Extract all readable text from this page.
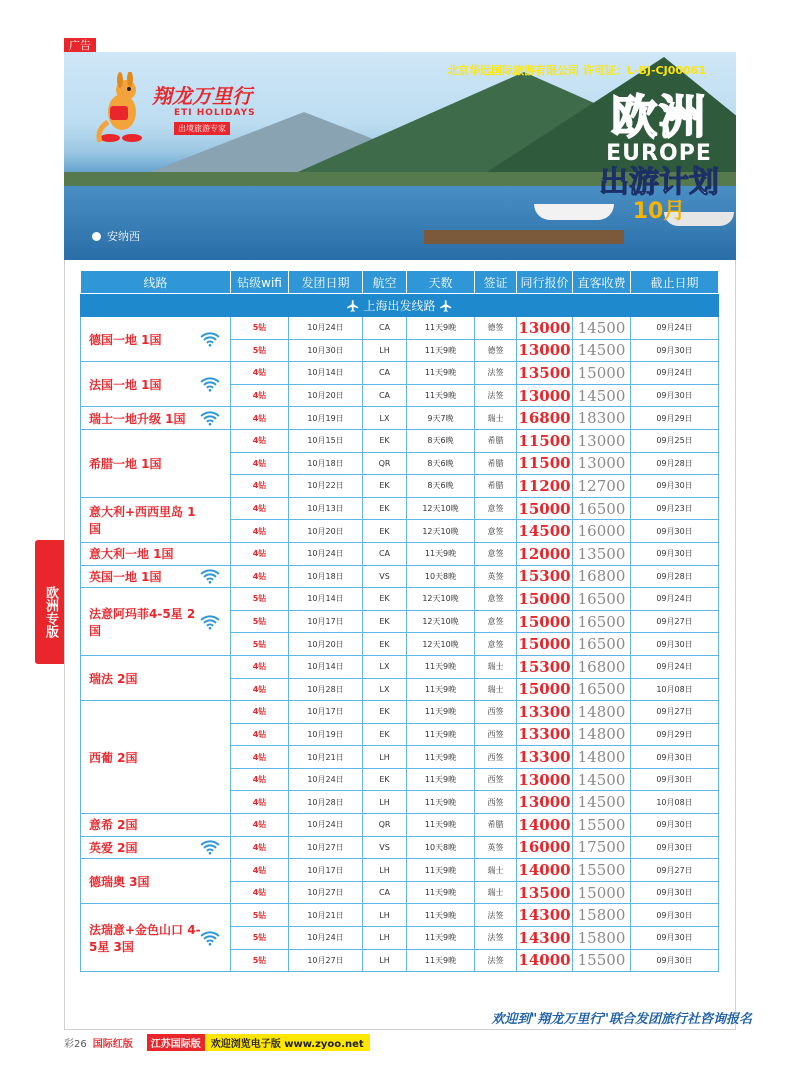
广告
北京华远国际旅游有限公司 许可证：L-BJ-CJ00061
翔龙万里行
ETI HOLIDAYS
出境旅游专家	欧洲
EUROPE
出游计划
10月
安纳西
欧洲专版
线路	钻级wifi	发团日期	航空	天数	签证	同行报价	直客收费	截止日期
上海出发线路								
德国一地 1国	5钻	10月24日	CA	11天9晚	德签	13000	14500	09月24日
	5钻	10月30日	LH	11天9晚	德签	13000	14500	09月30日
法国一地 1国	4钻	10月14日	CA	11天9晚	法签	13500	15000	09月24日
	4钻	10月20日	CA	11天9晚	法签	13000	14500	09月30日
瑞士一地升级 1国	4钻	10月19日	LX	9天7晚	瑞士	16800	18300	09月29日
希腊一地 1国	4钻	10月15日	EK	8天6晚	希腊	11500	13000	09月25日
	4钻	10月18日	QR	8天6晚	希腊	11500	13000	09月28日
	4钻	10月22日	EK	8天6晚	希腊	11200	12700	09月30日
意大利+西西里岛 1国	4钻	10月13日	EK	12天10晚	意签	15000	16500	09月23日
	4钻	10月20日	EK	12天10晚	意签	14500	16000	09月30日
意大利一地 1国	4钻	10月24日	CA	11天9晚	意签	12000	13500	09月30日
英国一地 1国	4钻	10月18日	VS	10天8晚	英签	15300	16800	09月28日
法意阿玛菲4-5星 2国	5钻	10月14日	EK	12天10晚	意签	15000	16500	09月24日
	5钻	10月17日	EK	12天10晚	意签	15000	16500	09月27日
	5钻	10月20日	EK	12天10晚	意签	15000	16500	09月30日
瑞法 2国	4钻	10月14日	LX	11天9晚	瑞士	15300	16800	09月24日
	4钻	10月28日	LX	11天9晚	瑞士	15000	16500	10月08日
西葡 2国	4钻	10月17日	EK	11天9晚	西签	13300	14800	09月27日
	4钻	10月19日	EK	11天9晚	西签	13300	14800	09月29日
	4钻	10月21日	LH	11天9晚	西签	13300	14800	09月30日
	4钻	10月24日	EK	11天9晚	西签	13000	14500	09月30日
	4钻	10月28日	LH	11天9晚	西签	13000	14500	10月08日
意希 2国	4钻	10月24日	QR	11天9晚	希腊	14000	15500	09月30日
英爱 2国	4钻	10月27日	VS	10天8晚	英签	16000	17500	09月30日
德瑞奥 3国	4钻	10月17日	LH	11天9晚	瑞士	14000	15500	09月27日
	4钻	10月27日	CA	11天9晚	瑞士	13500	15000	09月30日
法瑞意+金色山口 4-5星 3国	5钻	10月21日	LH	11天9晚	法签	14300	15800	09月30日
	5钻	10月24日	LH	11天9晚	法签	14300	15800	09月30日
	5钻	10月27日	LH	11天9晚	法签	14000	15500	09月30日
欢迎到"翔龙万里行"联合发团旅行社咨询报名
彩26 国际红版	江苏国际版	欢迎浏览电子版 www.zyoo.net
